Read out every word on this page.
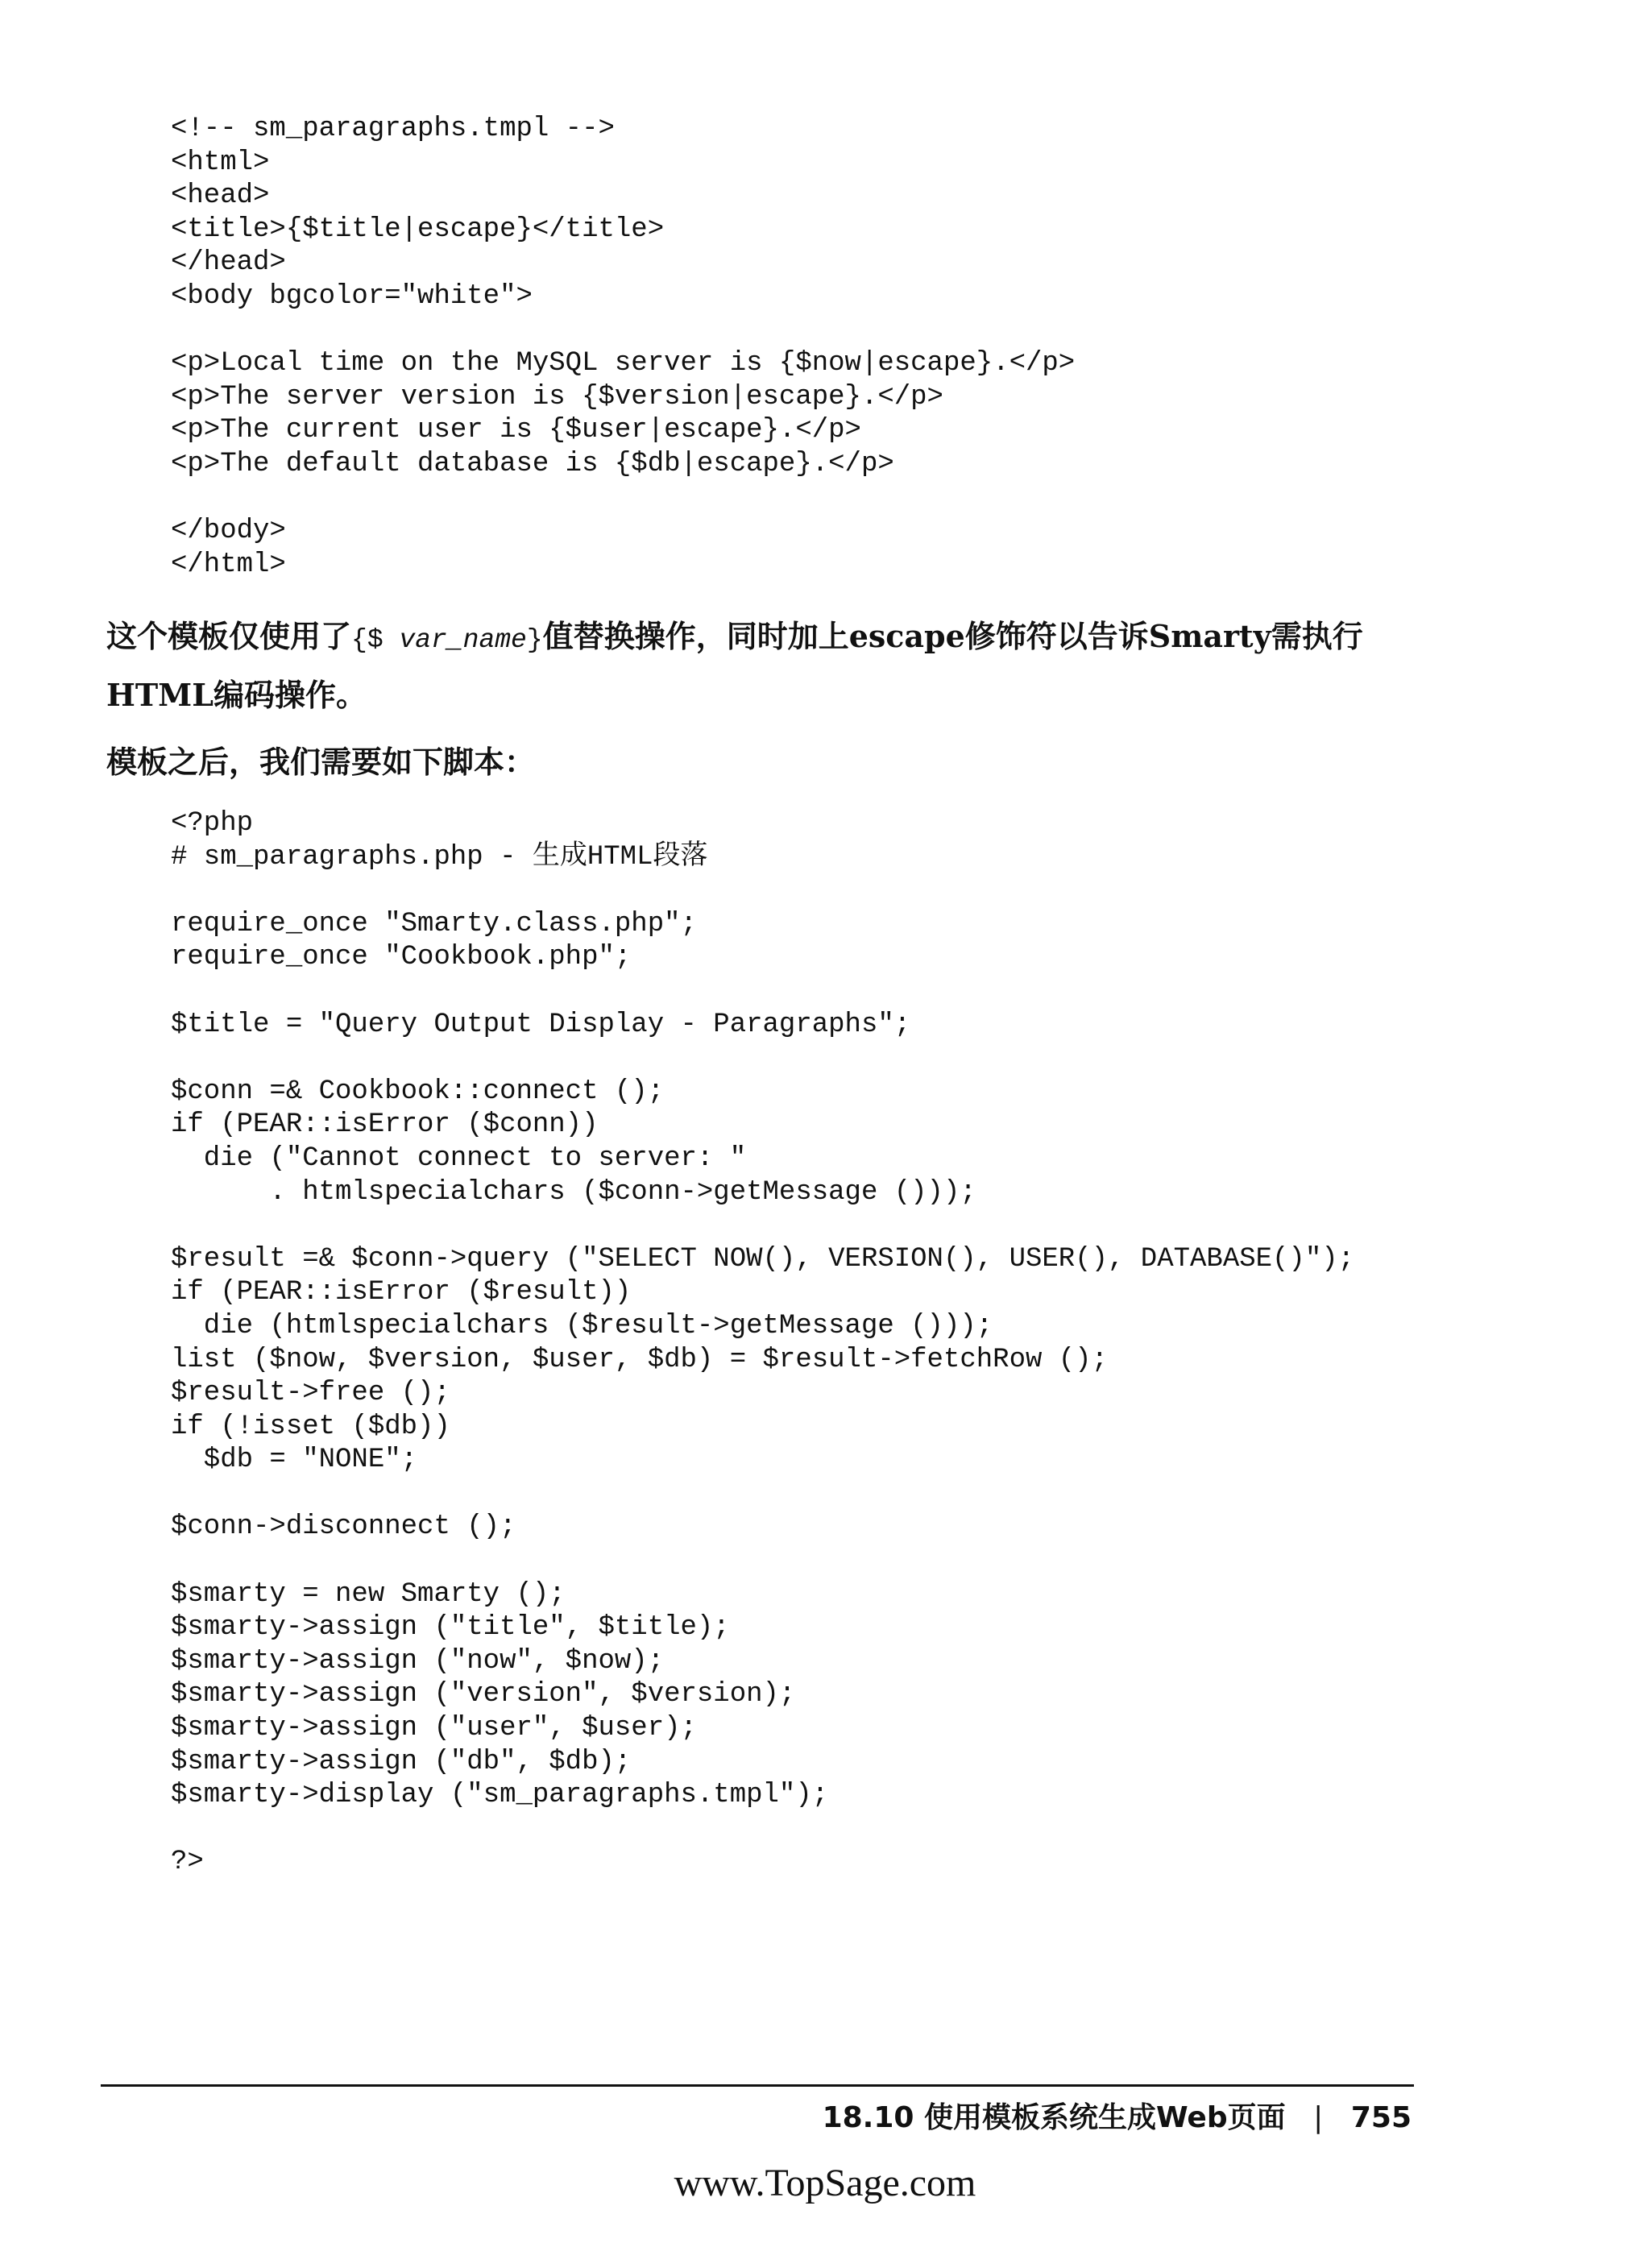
<!-- sm_paragraphs.tmpl -->
<html>
<head>
<title>{$title|escape}</title>
</head>
<body bgcolor="white">

<p>Local time on the MySQL server is {$now|escape}.</p>
<p>The server version is {$version|escape}.</p>
<p>The current user is {$user|escape}.</p>
<p>The default database is {$db|escape}.</p>

</body>
</html>

这个模板仅使用了{$ var_name}值替换操作，同时加上escape修饰符以告诉Smarty需执行HTML编码操作。

模板之后，我们需要如下脚本：

<?php
# sm_paragraphs.php - 生成HTML段落

require_once "Smarty.class.php";
require_once "Cookbook.php";

$title = "Query Output Display - Paragraphs";

$conn =& Cookbook::connect ();
if (PEAR::isError ($conn))
die ("Cannot connect to server: "
. htmlspecialchars ($conn->getMessage ()));

$result =& $conn->query ("SELECT NOW(), VERSION(), USER(), DATABASE()");
if (PEAR::isError ($result))
die (htmlspecialchars ($result->getMessage ()));
list ($now, $version, $user, $db) = $result->fetchRow ();
$result->free ();
if (!isset ($db))
$db = "NONE";

$conn->disconnect ();

$smarty = new Smarty ();
$smarty->assign ("title", $title);
$smarty->assign ("now", $now);
$smarty->assign ("version", $version);
$smarty->assign ("user", $user);
$smarty->assign ("db", $db);
$smarty->display ("sm_paragraphs.tmpl");

?>

18.10 使用模板系统生成Web页面 | 755
www.TopSage.com
